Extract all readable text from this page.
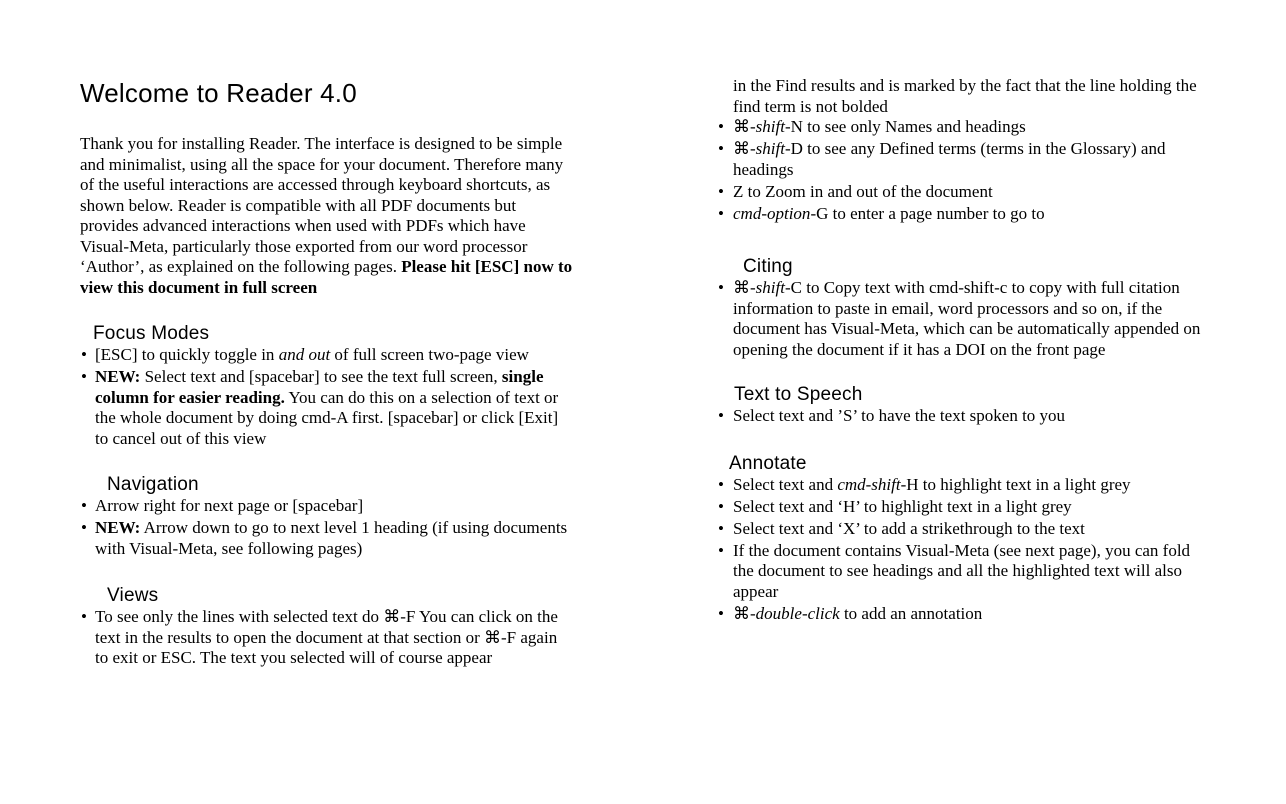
Welcome to Reader 4.0

Thank you for installing Reader. The interface is designed to be simple and minimalist, using all the space for your document. Therefore many of the useful interactions are accessed through keyboard shortcuts, as shown below. Reader is compatible with all PDF documents but provides advanced interactions when used with PDFs which have Visual-Meta, particularly those exported from our word processor ‘Author’, as explained on the following pages. Please hit [ESC] now to view this document in full screen

Focus Modes
• [ESC] to quickly toggle in and out of full screen two-page view
• NEW: Select text and [spacebar] to see the text full screen, single column for easier reading. You can do this on a selection of text or the whole document by doing cmd-A first. [spacebar] or click [Exit] to cancel out of this view
Navigation
• Arrow right for next page or [spacebar]
• NEW: Arrow down to go to next level 1 heading (if using documents with Visual-Meta, see following pages)
Views
• To see only the lines with selected text do ⌘-F You can click on the text in the results to open the document at that section or ⌘-F again to exit or ESC. The text you selected will of course appear

in the Find results and is marked by the fact that the line holding the find term is not bolded

• ⌘-shift-N to see only Names and headings
• ⌘-shift-D to see any Defined terms (terms in the Glossary) and headings
• Z to Zoom in and out of the document
• cmd-option-G to enter a page number to go to
Citing
• ⌘-shift-C to Copy text with cmd-shift-c to copy with full citation information to paste in email, word processors and so on, if the document has Visual-Meta, which can be automatically appended on opening the document if it has a DOI on the front page
Text to Speech
• Select text and ’S’ to have the text spoken to you
Annotate
• Select text and cmd-shift-H to highlight text in a light grey
• Select text and ‘H’ to highlight text in a light grey
• Select text and ‘X’ to add a strikethrough to the text
• If the document contains Visual-Meta (see next page), you can fold the document to see headings and all the highlighted text will also appear
• ⌘-double-click to add an annotation
